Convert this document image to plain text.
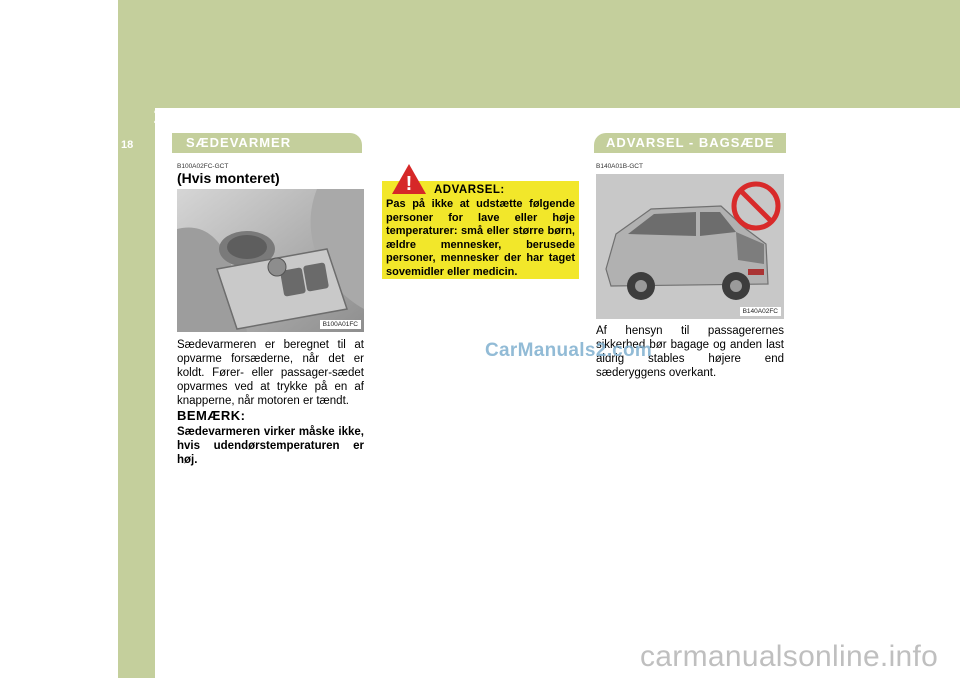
1 DERES HYUNDAIS EGENSKABER
18	SÆDEVARMER
B100A02FC-GCT
(Hvis monteret)
B100A01FC
Sædevarmeren er beregnet til at opvarme forsæderne, når det er koldt. Fører- eller passager-sædet opvarmes ved at trykke på en af knapperne, når motoren er tændt.
BEMÆRK:
Sædevarmeren virker måske ikke, hvis udendørstemperaturen er høj.
! ADVARSEL:
Pas på ikke at udstætte følgende personer for lave eller høje temperaturer: små eller større børn, ældre mennesker, berusede personer, mennesker der har taget sovemidler eller medicin.
ADVARSEL - BAGSÆDE
B140A01B-GCT
B140A02FC
Af hensyn til passagerernes sikkerhed bør bagage og anden last aldrig stables højere end sæderyggens overkant.
CarManuals2.com
carmanualsonline.info
